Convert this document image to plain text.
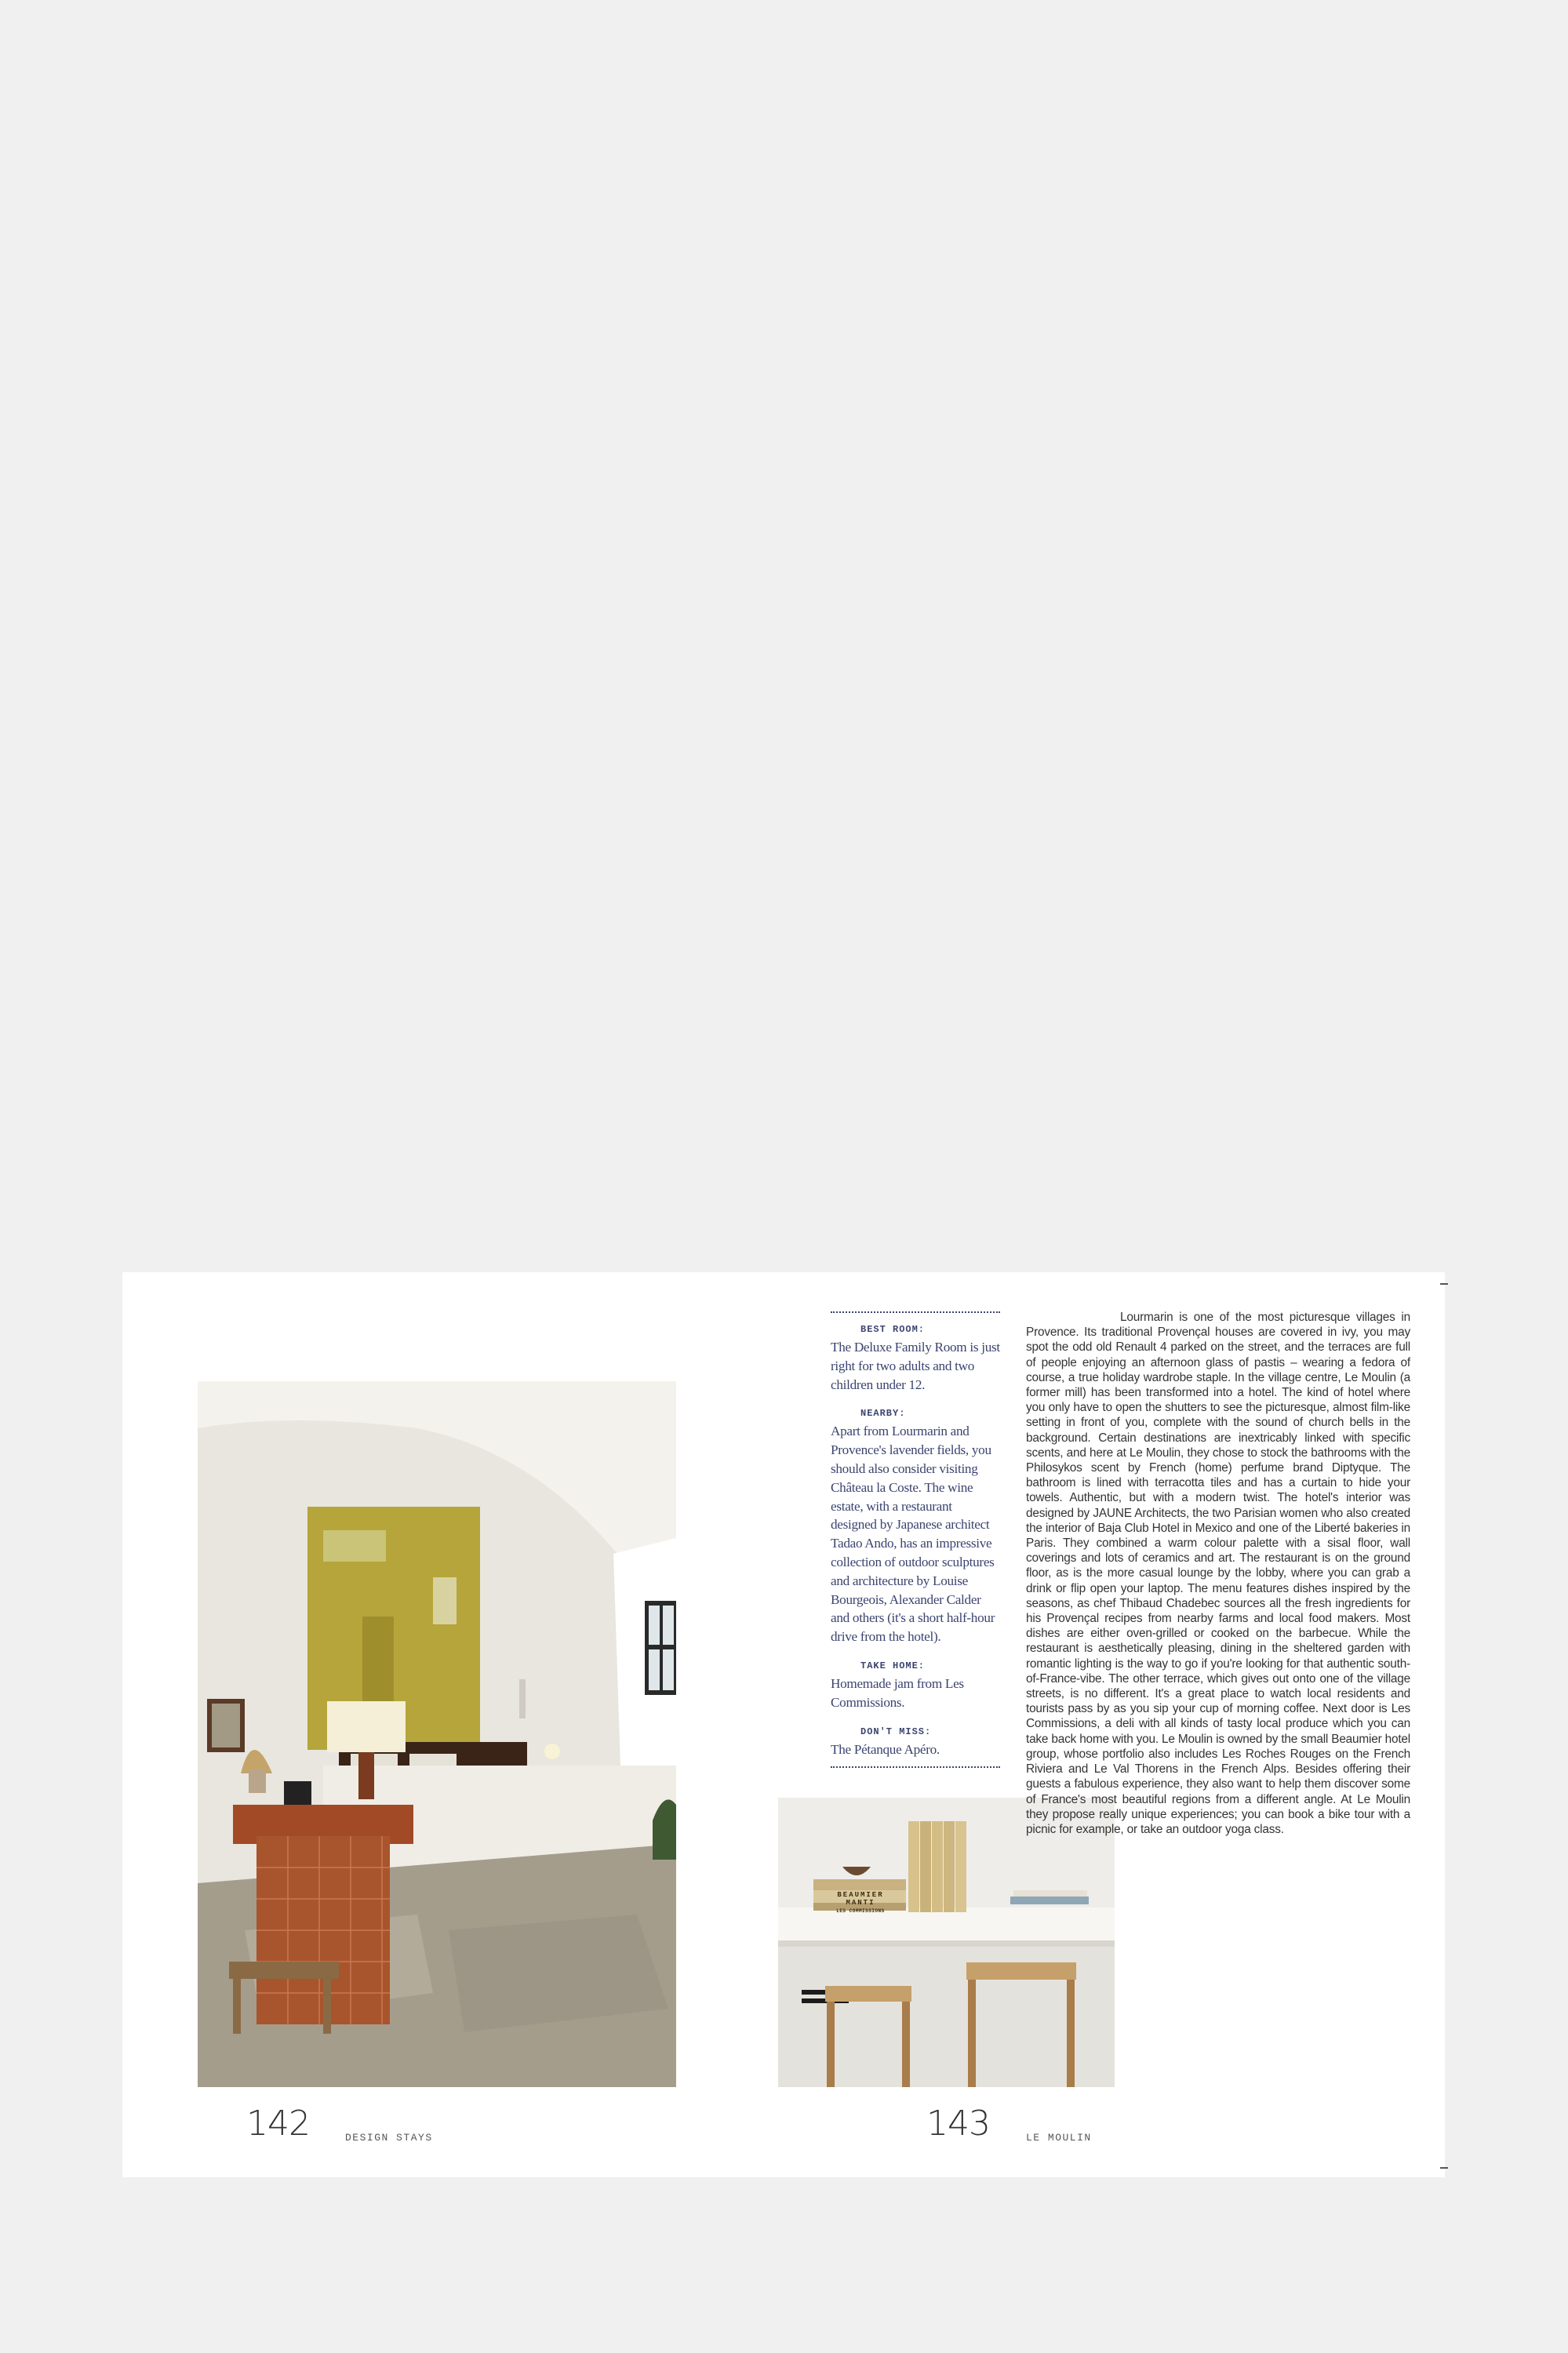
BEAUMIER
MANTI
LES COMMISSIONS
BEST ROOM:

The Deluxe Family Room is just right for two adults and two children under 12.

NEARBY:

Apart from Lourmarin and Provence's lavender fields, you should also consider visiting Château la Coste. The wine estate, with a restaurant designed by Japanese architect Tadao Ando, has an impressive collection of outdoor sculptures and architecture by Louise Bourgeois, Alexander Calder and others (it's a short half-hour drive from the hotel).

TAKE HOME:

Homemade jam from Les Commissions.

DON'T MISS:

The Pétanque Apéro.

Lourmarin is one of the most picturesque villages in Provence. Its traditional Provençal houses are covered in ivy, you may spot the odd old Renault 4 parked on the street, and the terraces are full of people enjoying an afternoon glass of pastis – wearing a fedora of course, a true holiday wardrobe staple. In the village centre, Le Moulin (a former mill) has been transformed into a hotel. The kind of hotel where you only have to open the shutters to see the picturesque, almost film-like setting in front of you, complete with the sound of church bells in the background. Certain destinations are inextricably linked with specific scents, and here at Le Moulin, they chose to stock the bathrooms with the Philosykos scent by French (home) perfume brand Diptyque. The bathroom is lined with terracotta tiles and has a curtain to hide your towels. Authentic, but with a modern twist. The hotel's interior was designed by JAUNE Architects, the two Parisian women who also created the interior of Baja Club Hotel in Mexico and one of the Liberté bakeries in Paris. They combined a warm colour palette with a sisal floor, wall coverings and lots of ceramics and art. The restaurant is on the ground floor, as is the more casual lounge by the lobby, where you can grab a drink or flip open your laptop. The menu features dishes inspired by the seasons, as chef Thibaud Chadebec sources all the fresh ingredients for his Provençal recipes from nearby farms and local food makers. Most dishes are either oven-grilled or cooked on the barbecue. While the restaurant is aesthetically pleasing, dining in the sheltered garden with romantic lighting is the way to go if you're looking for that authentic south-of-France-vibe. The other terrace, which gives out onto one of the village streets, is no different. It's a great place to watch local residents and tourists pass by as you sip your cup of morning coffee. Next door is Les Commissions, a deli with all kinds of tasty local produce which you can take back home with you. Le Moulin is owned by the small Beaumier hotel group, whose portfolio also includes Les Roches Rouges on the French Riviera and Le Val Thorens in the French Alps. Besides offering their guests a fabulous experience, they also want to help them discover some of France's most beautiful regions from a different angle. At Le Moulin they propose really unique experiences; you can book a bike tour with a picnic for example, or take an outdoor yoga class.
142	DESIGN STAYS	143	LE MOULIN
